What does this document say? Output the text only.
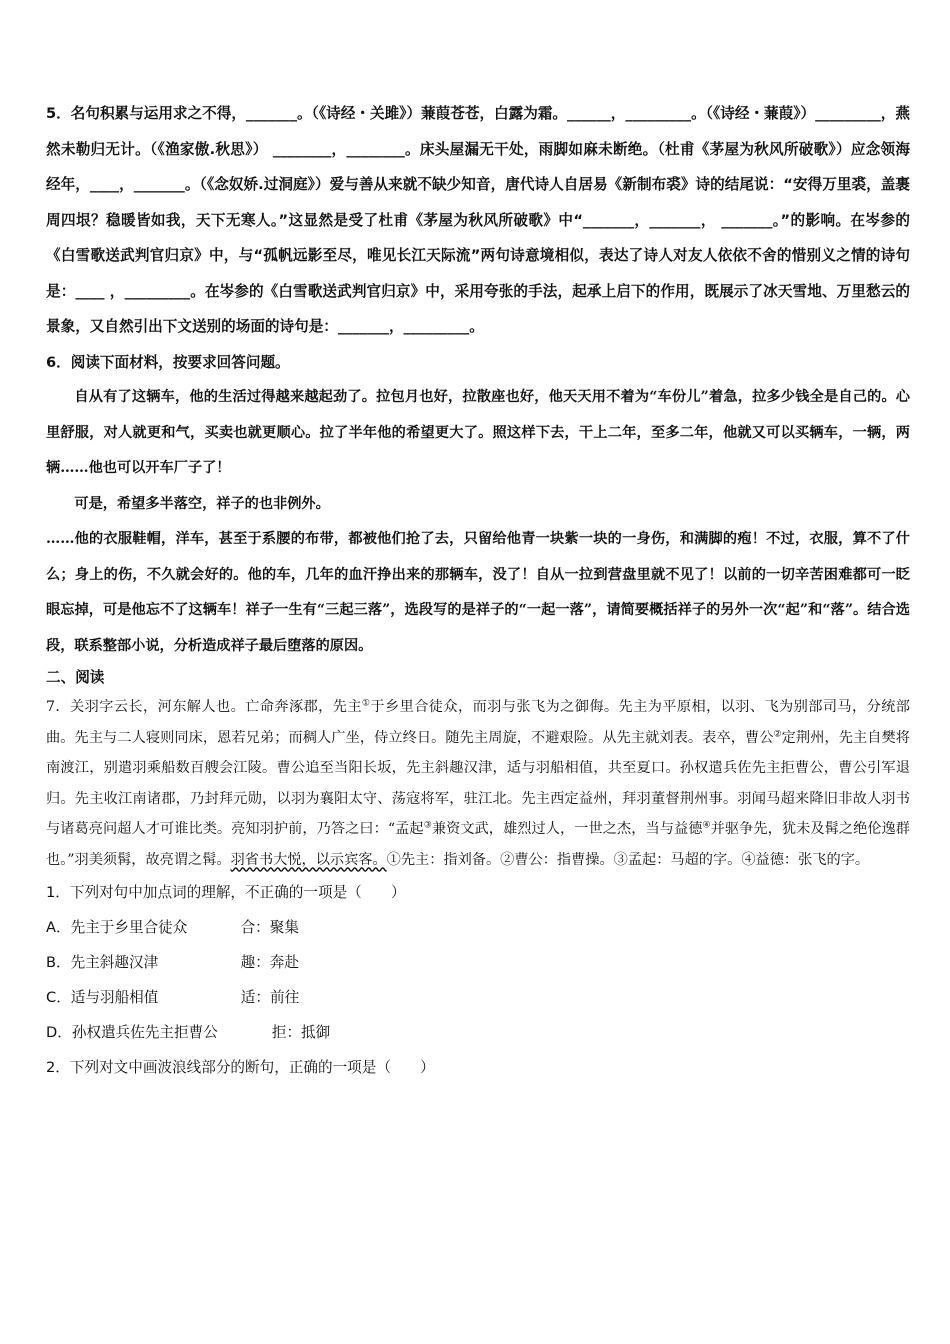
5．名句积累与运用求之不得，_______。（《诗经・关雎》）蒹葭苍苍，白露为霜。______，_________。（《诗经・蒹葭》）_________，燕然未勒归无计。（《渔家傲.秋思》） ________，________。床头屋漏无干处，雨脚如麻未断绝。（杜甫《茅屋为秋风所破歌》）应念领海经年，____，_______。（《念奴娇.过洞庭》）爱与善从来就不缺少知音，唐代诗人自居易《新制布裘》诗的结尾说：“安得万里裘，盖裹周四垠？稳暖皆如我，天下无寒人。”这显然是受了杜甫《茅屋为秋风所破歌》中“_______，_______， _______。”的影响。在岑参的《白雪歌送武判官归京》中，与“孤帆远影至尽，唯见长江天际流”两句诗意境相似，表达了诗人对友人依依不舍的惜别义之情的诗句是：____ ，_________。在岑参的《白雪歌送武判官归京》中，采用夸张的手法，起承上启下的作用，既展示了冰天雪地、万里愁云的景象，又自然引出下文送别的场面的诗句是：_______，_________。

6．阅读下面材料，按要求回答问题。

自从有了这辆车，他的生活过得越来越起劲了。拉包月也好，拉散座也好，他天天用不着为“车份儿”着急，拉多少钱全是自己的。心里舒服，对人就更和气，买卖也就更顺心。拉了半年他的希望更大了。照这样下去，干上二年，至多二年，他就又可以买辆车，一辆，两辆……他也可以开车厂子了！

可是，希望多半落空，祥子的也非例外。

……他的衣服鞋帽，洋车，甚至于系腰的布带，都被他们抢了去，只留给他青一块紫一块的一身伤，和满脚的疱！不过，衣服，算不了什么；身上的伤，不久就会好的。他的车，几年的血汗挣出来的那辆车，没了！自从一拉到营盘里就不见了！以前的一切辛苦困难都可一眨眼忘掉，可是他忘不了这辆车！祥子一生有“三起三落”，选段写的是祥子的“一起一落”，请简要概括祥子的另外一次“起”和“落”。结合选段，联系整部小说，分析造成祥子最后堕落的原因。

二、阅读

7．关羽字云长，河东解人也。亡命奔涿郡，先主①于乡里合徒众，而羽与张飞为之御侮。先主为平原相，以羽、飞为别部司马，分统部曲。先主与二人寝则同床，恩若兄弟；而稠人广坐，侍立终日。随先主周旋，不避艰险。从先主就刘表。表卒，曹公②定荆州，先主自樊将南渡江，别遣羽乘船数百艘会江陵。曹公追至当阳长坂，先主斜趣汉津，适与羽船相值，共至夏口。孙权遣兵佐先主拒曹公，曹公引军退归。先主收江南诸郡，乃封拜元勋，以羽为襄阳太守、荡寇将军，驻江北。先主西定益州，拜羽董督荆州事。羽闻马超来降旧非故人羽书与诸葛亮问超人才可谁比类。亮知羽护前，乃答之曰：“孟起③兼资文武，雄烈过人，一世之杰，当与益德④并驱争先，犹未及髯之绝伦逸群也。”羽美须髯，故亮谓之髯。羽省书大悦，以示宾客。①先主：指刘备。②曹公：指曹操。③孟起：马超的字。④益德：张飞的字。

1．下列对句中加点词的理解，不正确的一项是（　　）

A． 先主于乡里合徒众	合：聚集
B． 先主斜趣汉津	趣：奔赴
C． 适与羽船相值	适：前往
D． 孙权遣兵佐先主拒曹公	拒：抵御

2．下列对文中画波浪线部分的断句，正确的一项是（　　）
